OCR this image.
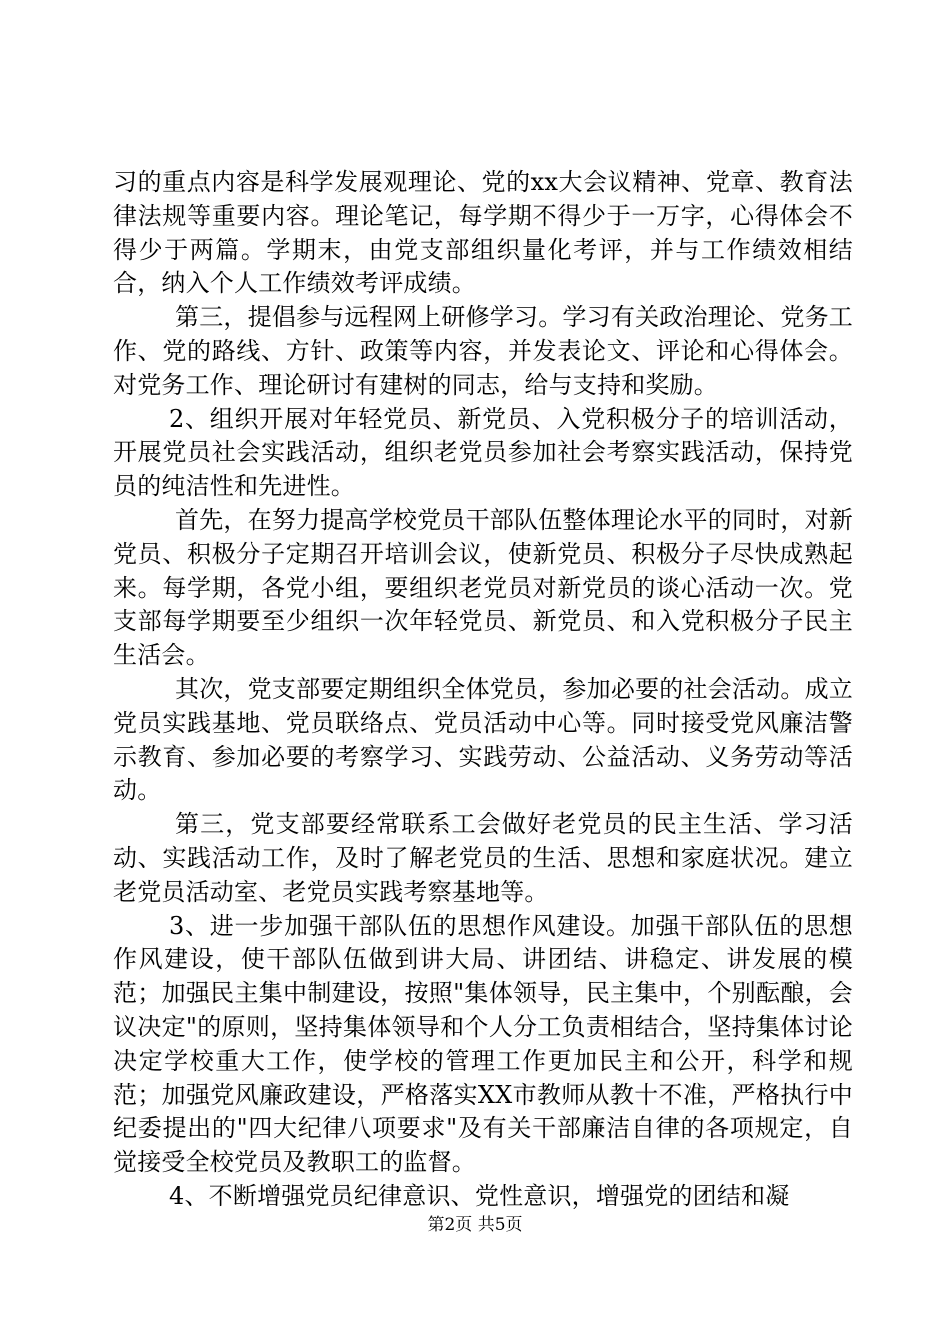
习的重点内容是科学发展观理论、党的xx大会议精神、党章、教育法律法规等重要内容。理论笔记，每学期不得少于一万字，心得体会不得少于两篇。学期末，由党支部组织量化考评，并与工作绩效相结合，纳入个人工作绩效考评成绩。

第三，提倡参与远程网上研修学习。学习有关政治理论、党务工作、党的路线、方针、政策等内容，并发表论文、评论和心得体会。对党务工作、理论研讨有建树的同志，给与支持和奖励。

2、组织开展对年轻党员、新党员、入党积极分子的培训活动，开展党员社会实践活动，组织老党员参加社会考察实践活动，保持党员的纯洁性和先进性。

首先，在努力提高学校党员干部队伍整体理论水平的同时，对新党员、积极分子定期召开培训会议，使新党员、积极分子尽快成熟起来。每学期，各党小组，要组织老党员对新党员的谈心活动一次。党支部每学期要至少组织一次年轻党员、新党员、和入党积极分子民主生活会。

其次，党支部要定期组织全体党员，参加必要的社会活动。成立党员实践基地、党员联络点、党员活动中心等。同时接受党风廉洁警示教育、参加必要的考察学习、实践劳动、公益活动、义务劳动等活动。

第三，党支部要经常联系工会做好老党员的民主生活、学习活动、实践活动工作，及时了解老党员的生活、思想和家庭状况。建立老党员活动室、老党员实践考察基地等。

3、进一步加强干部队伍的思想作风建设。加强干部队伍的思想作风建设，使干部队伍做到讲大局、讲团结、讲稳定、讲发展的模范；加强民主集中制建设，按照"集体领导，民主集中，个别酝酿，会议决定"的原则，坚持集体领导和个人分工负责相结合，坚持集体讨论决定学校重大工作，使学校的管理工作更加民主和公开，科学和规范；加强党风廉政建设，严格落实XX市教师从教十不准，严格执行中纪委提出的"四大纪律八项要求"及有关干部廉洁自律的各项规定，自觉接受全校党员及教职工的监督。

4、不断增强党员纪律意识、党性意识，增强党的团结和凝

第2页 共5页
